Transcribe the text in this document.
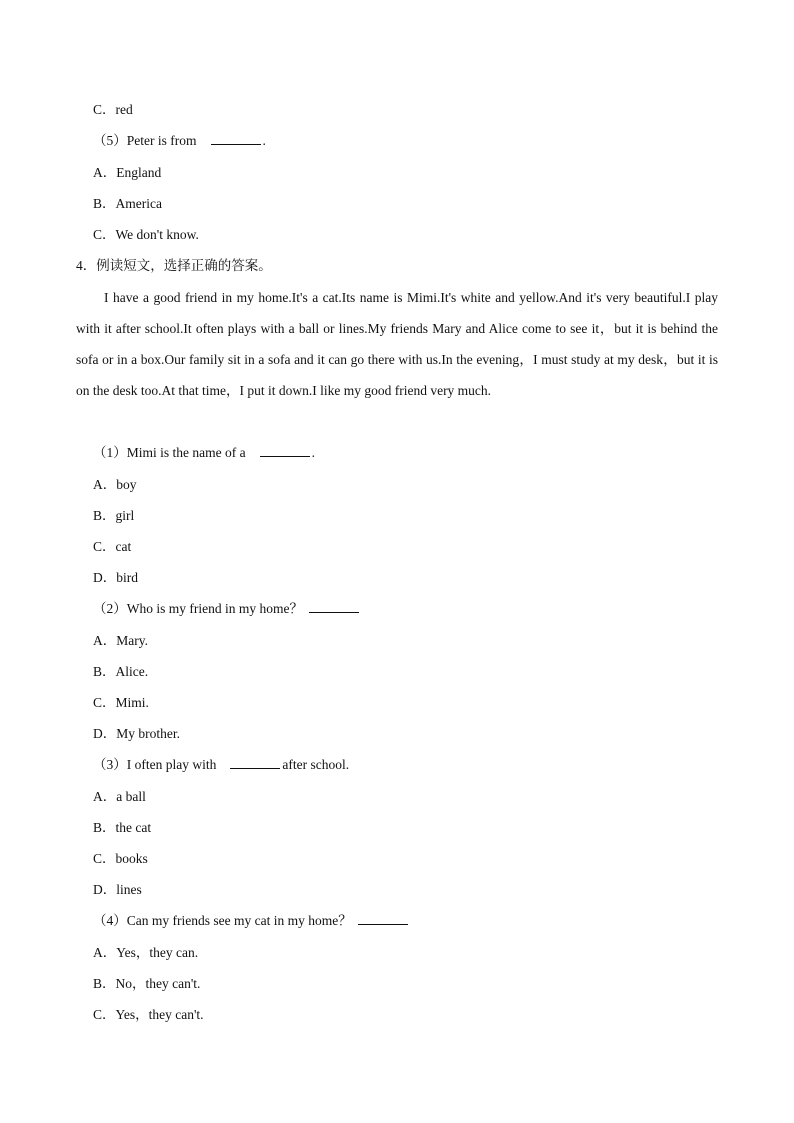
C．red
（5）Peter is from	.
A．England
B．America
C．We don't know.
4．例读短文，选择正确的答案。
I have a good friend in my home.It's a cat.Its name is Mimi.It's white and yellow.And it's very beautiful.I play with it after school.It often plays with a ball or lines.My friends Mary and Alice come to see it，but it is behind the sofa or in a box.Our family sit in a sofa and it can go there with us.In the evening，I must study at my desk，but it is on the desk too.At that time，I put it down.I like my good friend very much.
（1）Mimi is the name of a	.
A．boy
B．girl
C．cat
D．bird
（2）Who is my friend in my home？
A．Mary.
B．Alice.
C．Mimi.
D．My brother.
（3）I often play with	after school.
A．a ball
B．the cat
C．books
D．lines
（4）Can my friends see my cat in my home？
A．Yes，they can.
B．No，they can't.
C．Yes，they can't.
